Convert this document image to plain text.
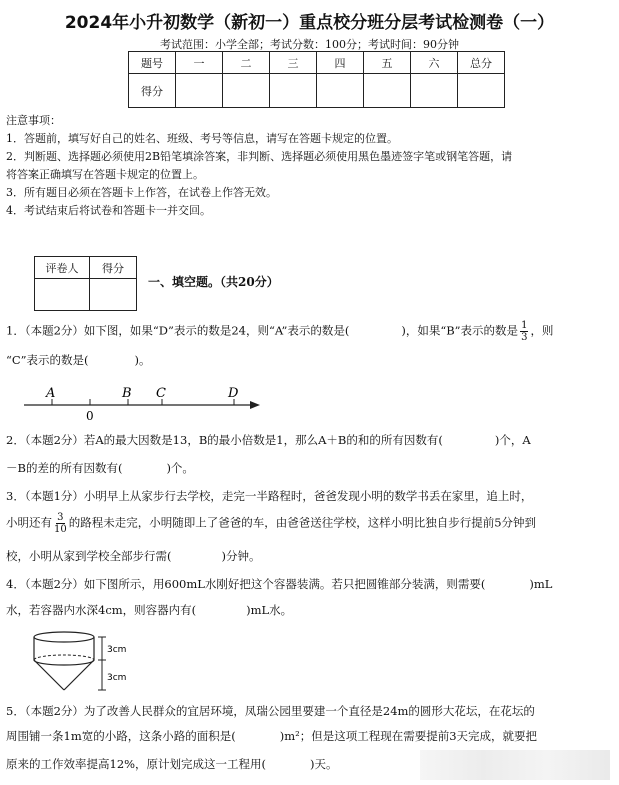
2024年小升初数学（新初一）重点校分班分层考试检测卷（一）
考试范围：小学全部；考试分数：100分；考试时间：90分钟
题号	一	二	三	四	五	六	总分
得分							
注意事项：
1．答题前，填写好自己的姓名、班级、考号等信息，请写在答题卡规定的位置。
2．判断题、选择题必须使用2B铅笔填涂答案，非判断、选择题必须使用黑色墨迹签字笔或钢笔答题，请
将答案正确填写在答题卡规定的位置上。
3．所有题目必须在答题卡上作答，在试卷上作答无效。
4．考试结束后将试卷和答题卡一并交回。
评卷人	得分

一、填空题。（共20分）
1．（本题2分）如下图，如果“D”表示的数是24，则“A”表示的数是(	)，如果“B”表示的数是 $\frac{1}{3}$ ，则
“C”表示的数是(	)。
A	B C	D
0
2．（本题2分）若A的最大因数是13，B的最小倍数是1，那么A＋B的和的所有因数有(	)个，A
－B的差的所有因数有(	)个。
3．（本题1分）小明早上从家步行去学校，走完一半路程时，爸爸发现小明的数学书丢在家里，追上时，
小明还有 $\frac{3}{10}$ 的路程未走完，小明随即上了爸爸的车，由爸爸送往学校，这样小明比独自步行提前5分钟到
校，小明从家到学校全部步行需(	)分钟。
4．（本题2分）如下图所示，用600mL水刚好把这个容器装满。若只把圆锥部分装满，则需要(	)mL
水，若容器内水深4cm，则容器内有(	)mL水。
3cm
3cm
5．（本题2分）为了改善人民群众的宜居环境，凤瑞公园里要建一个直径是24m的圆形大花坛，在花坛的
周围铺一条1m宽的小路，这条小路的面积是(	)m²；但是这项工程现在需要提前3天完成，就要把
原来的工作效率提高12%，原计划完成这一工程用(	)天。
